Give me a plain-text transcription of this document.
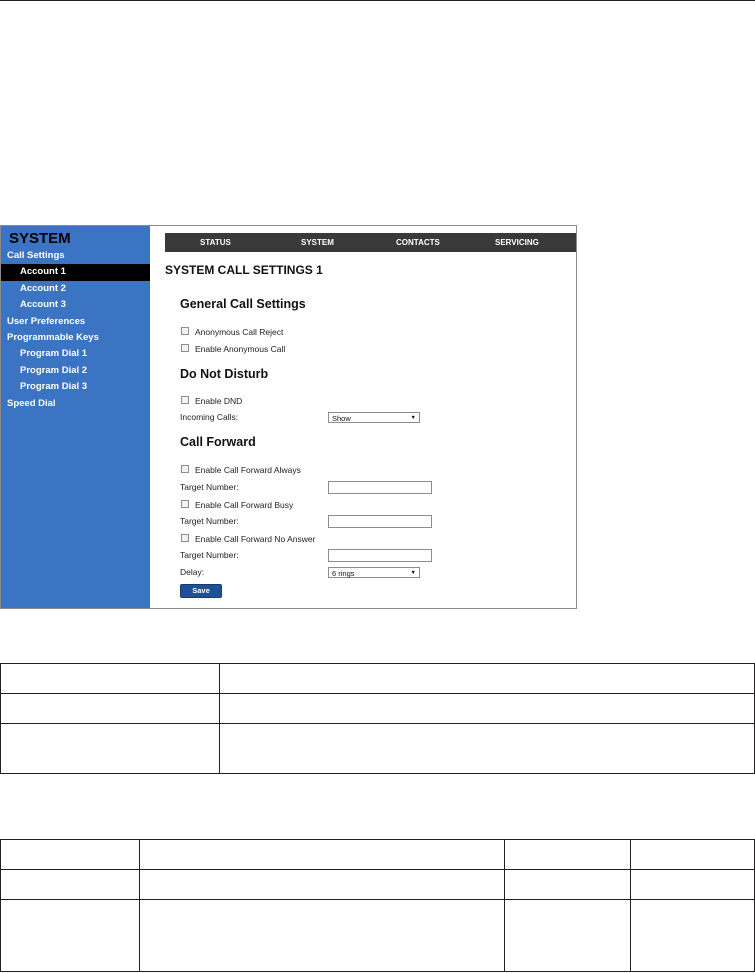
SYSTEM
Call Settings
Account 1
Account 2
Account 3
User Preferences
Programmable Keys
Program Dial 1
Program Dial 2
Program Dial 3
Speed Dial
STATUS	SYSTEM	CONTACTS	SERVICING
SYSTEM CALL SETTINGS 1
General Call Settings
Anonymous Call Reject
Enable Anonymous Call
Do Not Disturb
Enable DND
Incoming Calls:	Show	▼
Call Forward
Enable Call Forward Always
Target Number:
Enable Call Forward Busy
Target Number:
Enable Call Forward No Answer
Target Number:
Delay:	6 rings	▼
Save
